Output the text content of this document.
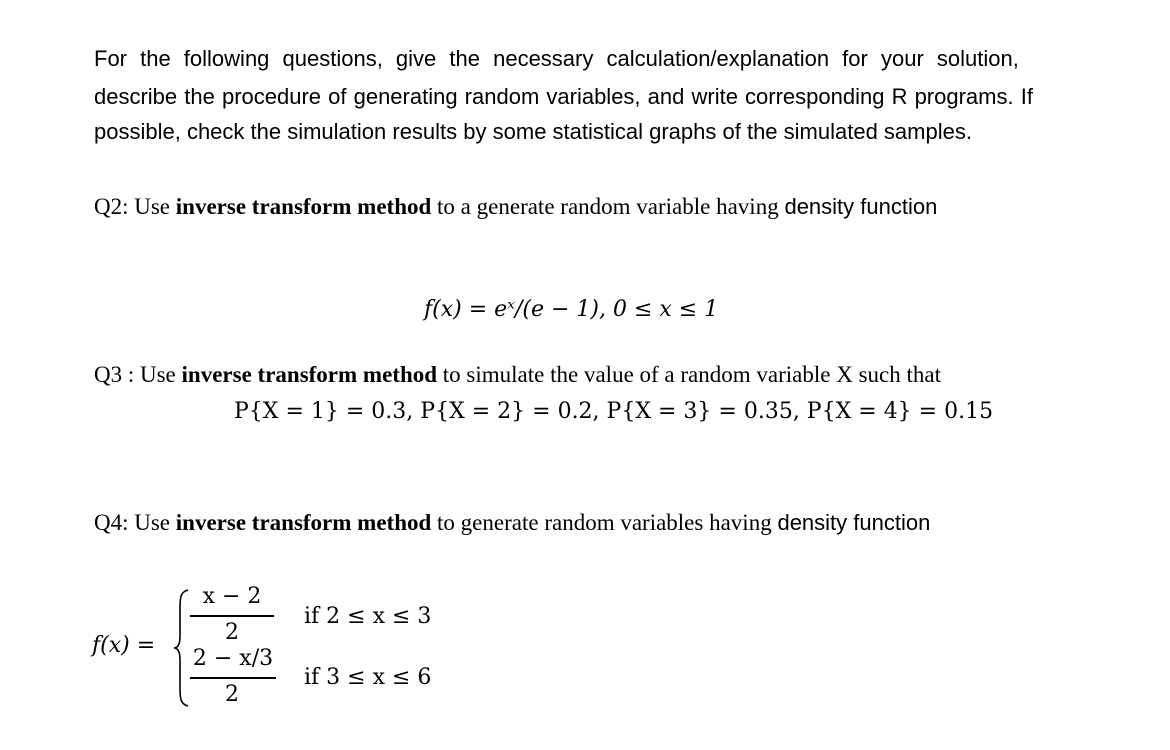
For the following questions, give the necessary calculation/explanation for your solution,
describe the procedure of generating random variables, and write corresponding R programs. If
possible, check the simulation results by some statistical graphs of the simulated samples.
Q2: Use inverse transform method to a generate random variable having density function
f(x) = eˣ/(e − 1), 0 ≤ x ≤ 1
Q3 : Use inverse transform method to simulate the value of a random variable X such that
P{X = 1} = 0.3, P{X = 2} = 0.2, P{X = 3} = 0.35, P{X = 4} = 0.15
Q4: Use inverse transform method to generate random variables having density function
f(x) =
x − 2
2
if 2 ≤ x ≤ 3
2 − x/3
2
if 3 ≤ x ≤ 6
